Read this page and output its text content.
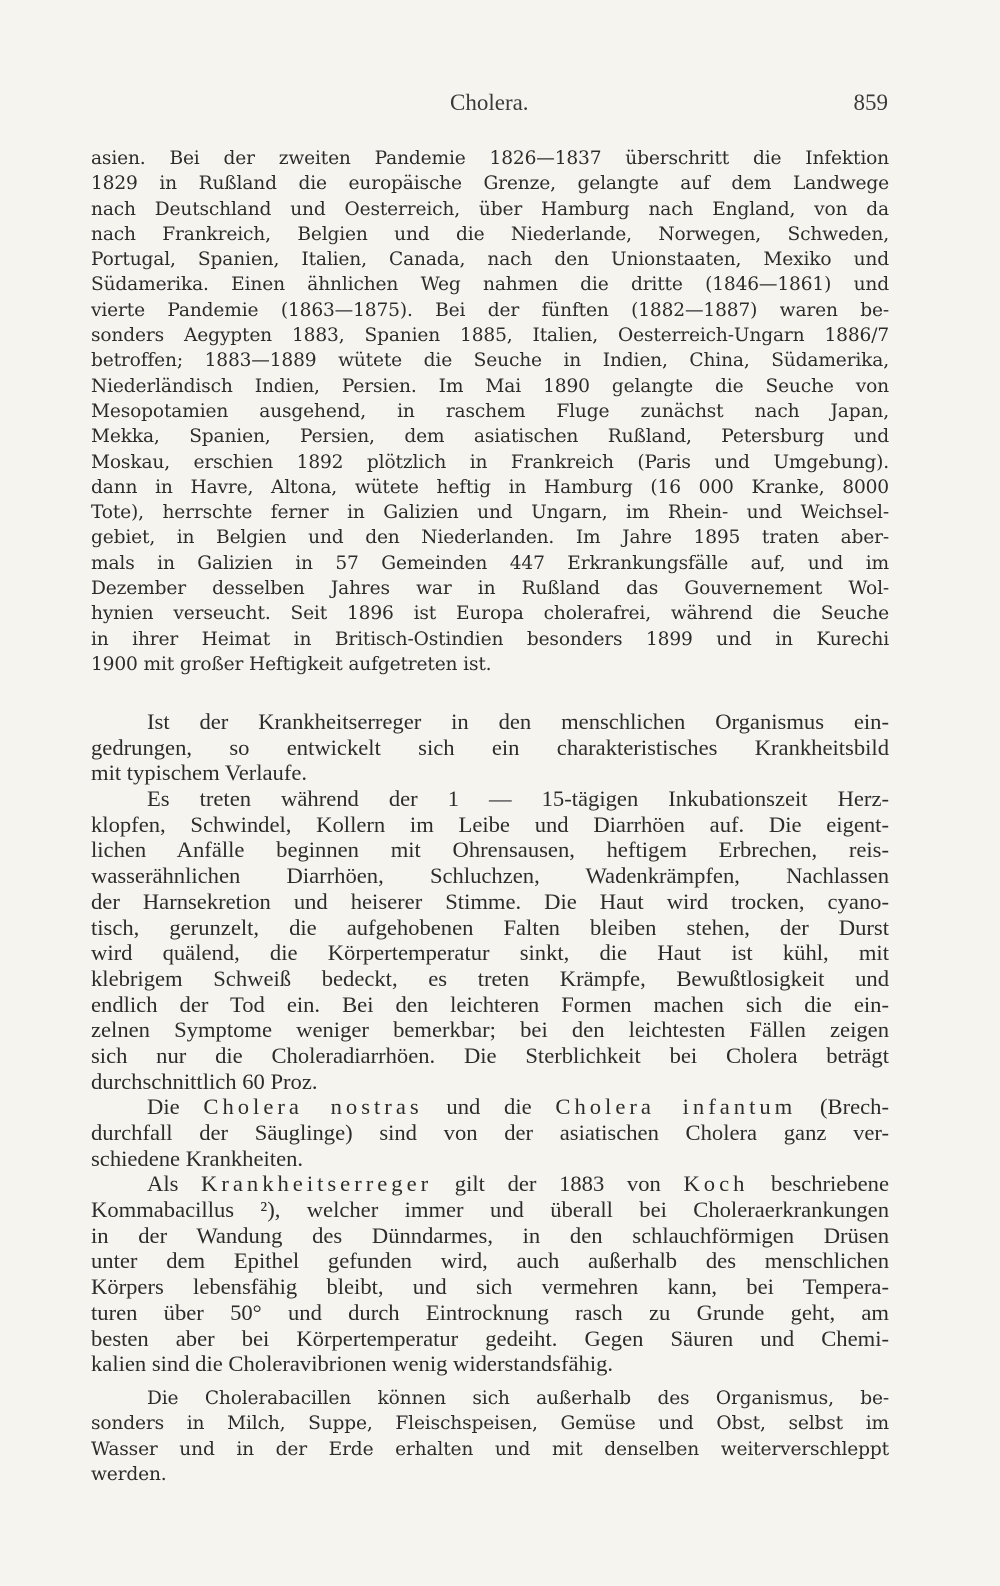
Cholera.	859
asien. Bei der zweiten Pandemie 1826—1837 überschritt die Infektion
1829 in Rußland die europäische Grenze, gelangte auf dem Landwege
nach Deutschland und Oesterreich, über Hamburg nach England, von da
nach Frankreich, Belgien und die Niederlande, Norwegen, Schweden,
Portugal, Spanien, Italien, Canada, nach den Unionstaaten, Mexiko und
Südamerika. Einen ähnlichen Weg nahmen die dritte (1846—1861) und
vierte Pandemie (1863—1875). Bei der fünften (1882—1887) waren be-
sonders Aegypten 1883, Spanien 1885, Italien, Oesterreich-Ungarn 1886/7
betroffen; 1883—1889 wütete die Seuche in Indien, China, Südamerika,
Niederländisch Indien, Persien. Im Mai 1890 gelangte die Seuche von
Mesopotamien ausgehend, in raschem Fluge zunächst nach Japan,
Mekka, Spanien, Persien, dem asiatischen Rußland, Petersburg und
Moskau, erschien 1892 plötzlich in Frankreich (Paris und Umgebung).
dann in Havre, Altona, wütete heftig in Hamburg (16 000 Kranke, 8000
Tote), herrschte ferner in Galizien und Ungarn, im Rhein- und Weichsel-
gebiet, in Belgien und den Niederlanden. Im Jahre 1895 traten aber-
mals in Galizien in 57 Gemeinden 447 Erkrankungsfälle auf, und im
Dezember desselben Jahres war in Rußland das Gouvernement Wol-
hynien verseucht. Seit 1896 ist Europa cholerafrei, während die Seuche
in ihrer Heimat in Britisch-Ostindien besonders 1899 und in Kurechi
1900 mit großer Heftigkeit aufgetreten ist.
Ist der Krankheitserreger in den menschlichen Organismus ein-
gedrungen, so entwickelt sich ein charakteristisches Krankheitsbild
mit typischem Verlaufe.
Es treten während der 1 — 15-tägigen Inkubationszeit Herz-
klopfen, Schwindel, Kollern im Leibe und Diarrhöen auf. Die eigent-
lichen Anfälle beginnen mit Ohrensausen, heftigem Erbrechen, reis-
wasserähnlichen Diarrhöen, Schluchzen, Wadenkrämpfen, Nachlassen
der Harnsekretion und heiserer Stimme. Die Haut wird trocken, cyano-
tisch, gerunzelt, die aufgehobenen Falten bleiben stehen, der Durst
wird quälend, die Körpertemperatur sinkt, die Haut ist kühl, mit
klebrigem Schweiß bedeckt, es treten Krämpfe, Bewußtlosigkeit und
endlich der Tod ein. Bei den leichteren Formen machen sich die ein-
zelnen Symptome weniger bemerkbar; bei den leichtesten Fällen zeigen
sich nur die Choleradiarrhöen. Die Sterblichkeit bei Cholera beträgt
durchschnittlich 60 Proz.
Die Cholera nostras und die Cholera infantum (Brech-
durchfall der Säuglinge) sind von der asiatischen Cholera ganz ver-
schiedene Krankheiten.
Als Krankheitserreger gilt der 1883 von Koch beschriebene
Kommabacillus ²), welcher immer und überall bei Choleraerkrankungen
in der Wandung des Dünndarmes, in den schlauchförmigen Drüsen
unter dem Epithel gefunden wird, auch außerhalb des menschlichen
Körpers lebensfähig bleibt, und sich vermehren kann, bei Tempera-
turen über 50° und durch Eintrocknung rasch zu Grunde geht, am
besten aber bei Körpertemperatur gedeiht. Gegen Säuren und Chemi-
kalien sind die Choleravibrionen wenig widerstandsfähig.
Die Cholerabacillen können sich außerhalb des Organismus, be-
sonders in Milch, Suppe, Fleischspeisen, Gemüse und Obst, selbst im
Wasser und in der Erde erhalten und mit denselben weiterverschleppt
werden.
